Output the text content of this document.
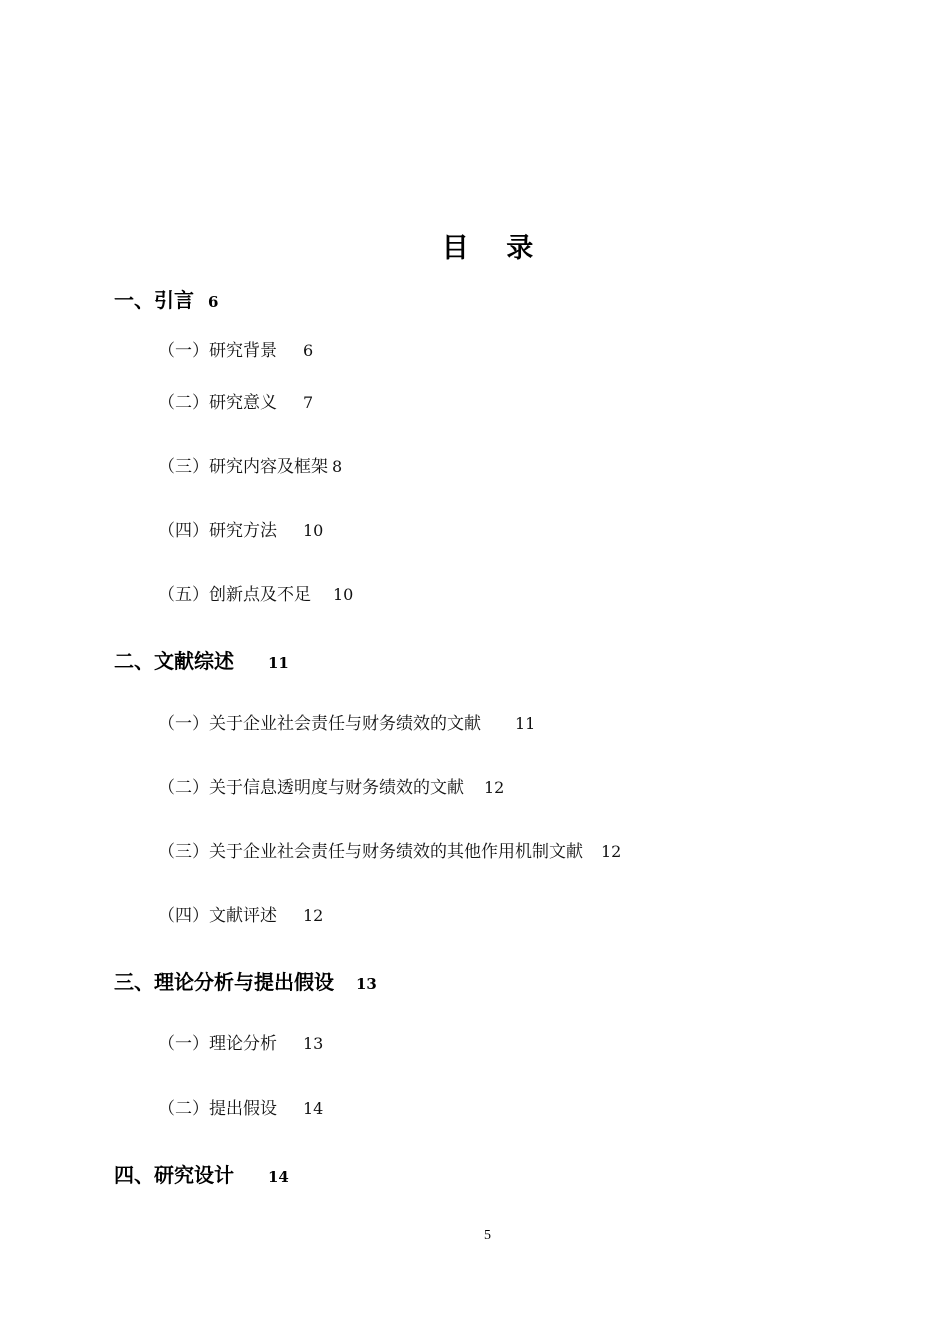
目    录
一、引言 6
（一）研究背景 6
（二）研究意义 7
（三）研究内容及框架 8
（四）研究方法 10
（五）创新点及不足 10
二、文献综述 11
（一）关于企业社会责任与财务绩效的文献 11
（二）关于信息透明度与财务绩效的文献 12
（三）关于企业社会责任与财务绩效的其他作用机制文献 12
（四）文献评述 12
三、理论分析与提出假设 13
（一）理论分析 13
（二）提出假设 14
四、研究设计 14
5
